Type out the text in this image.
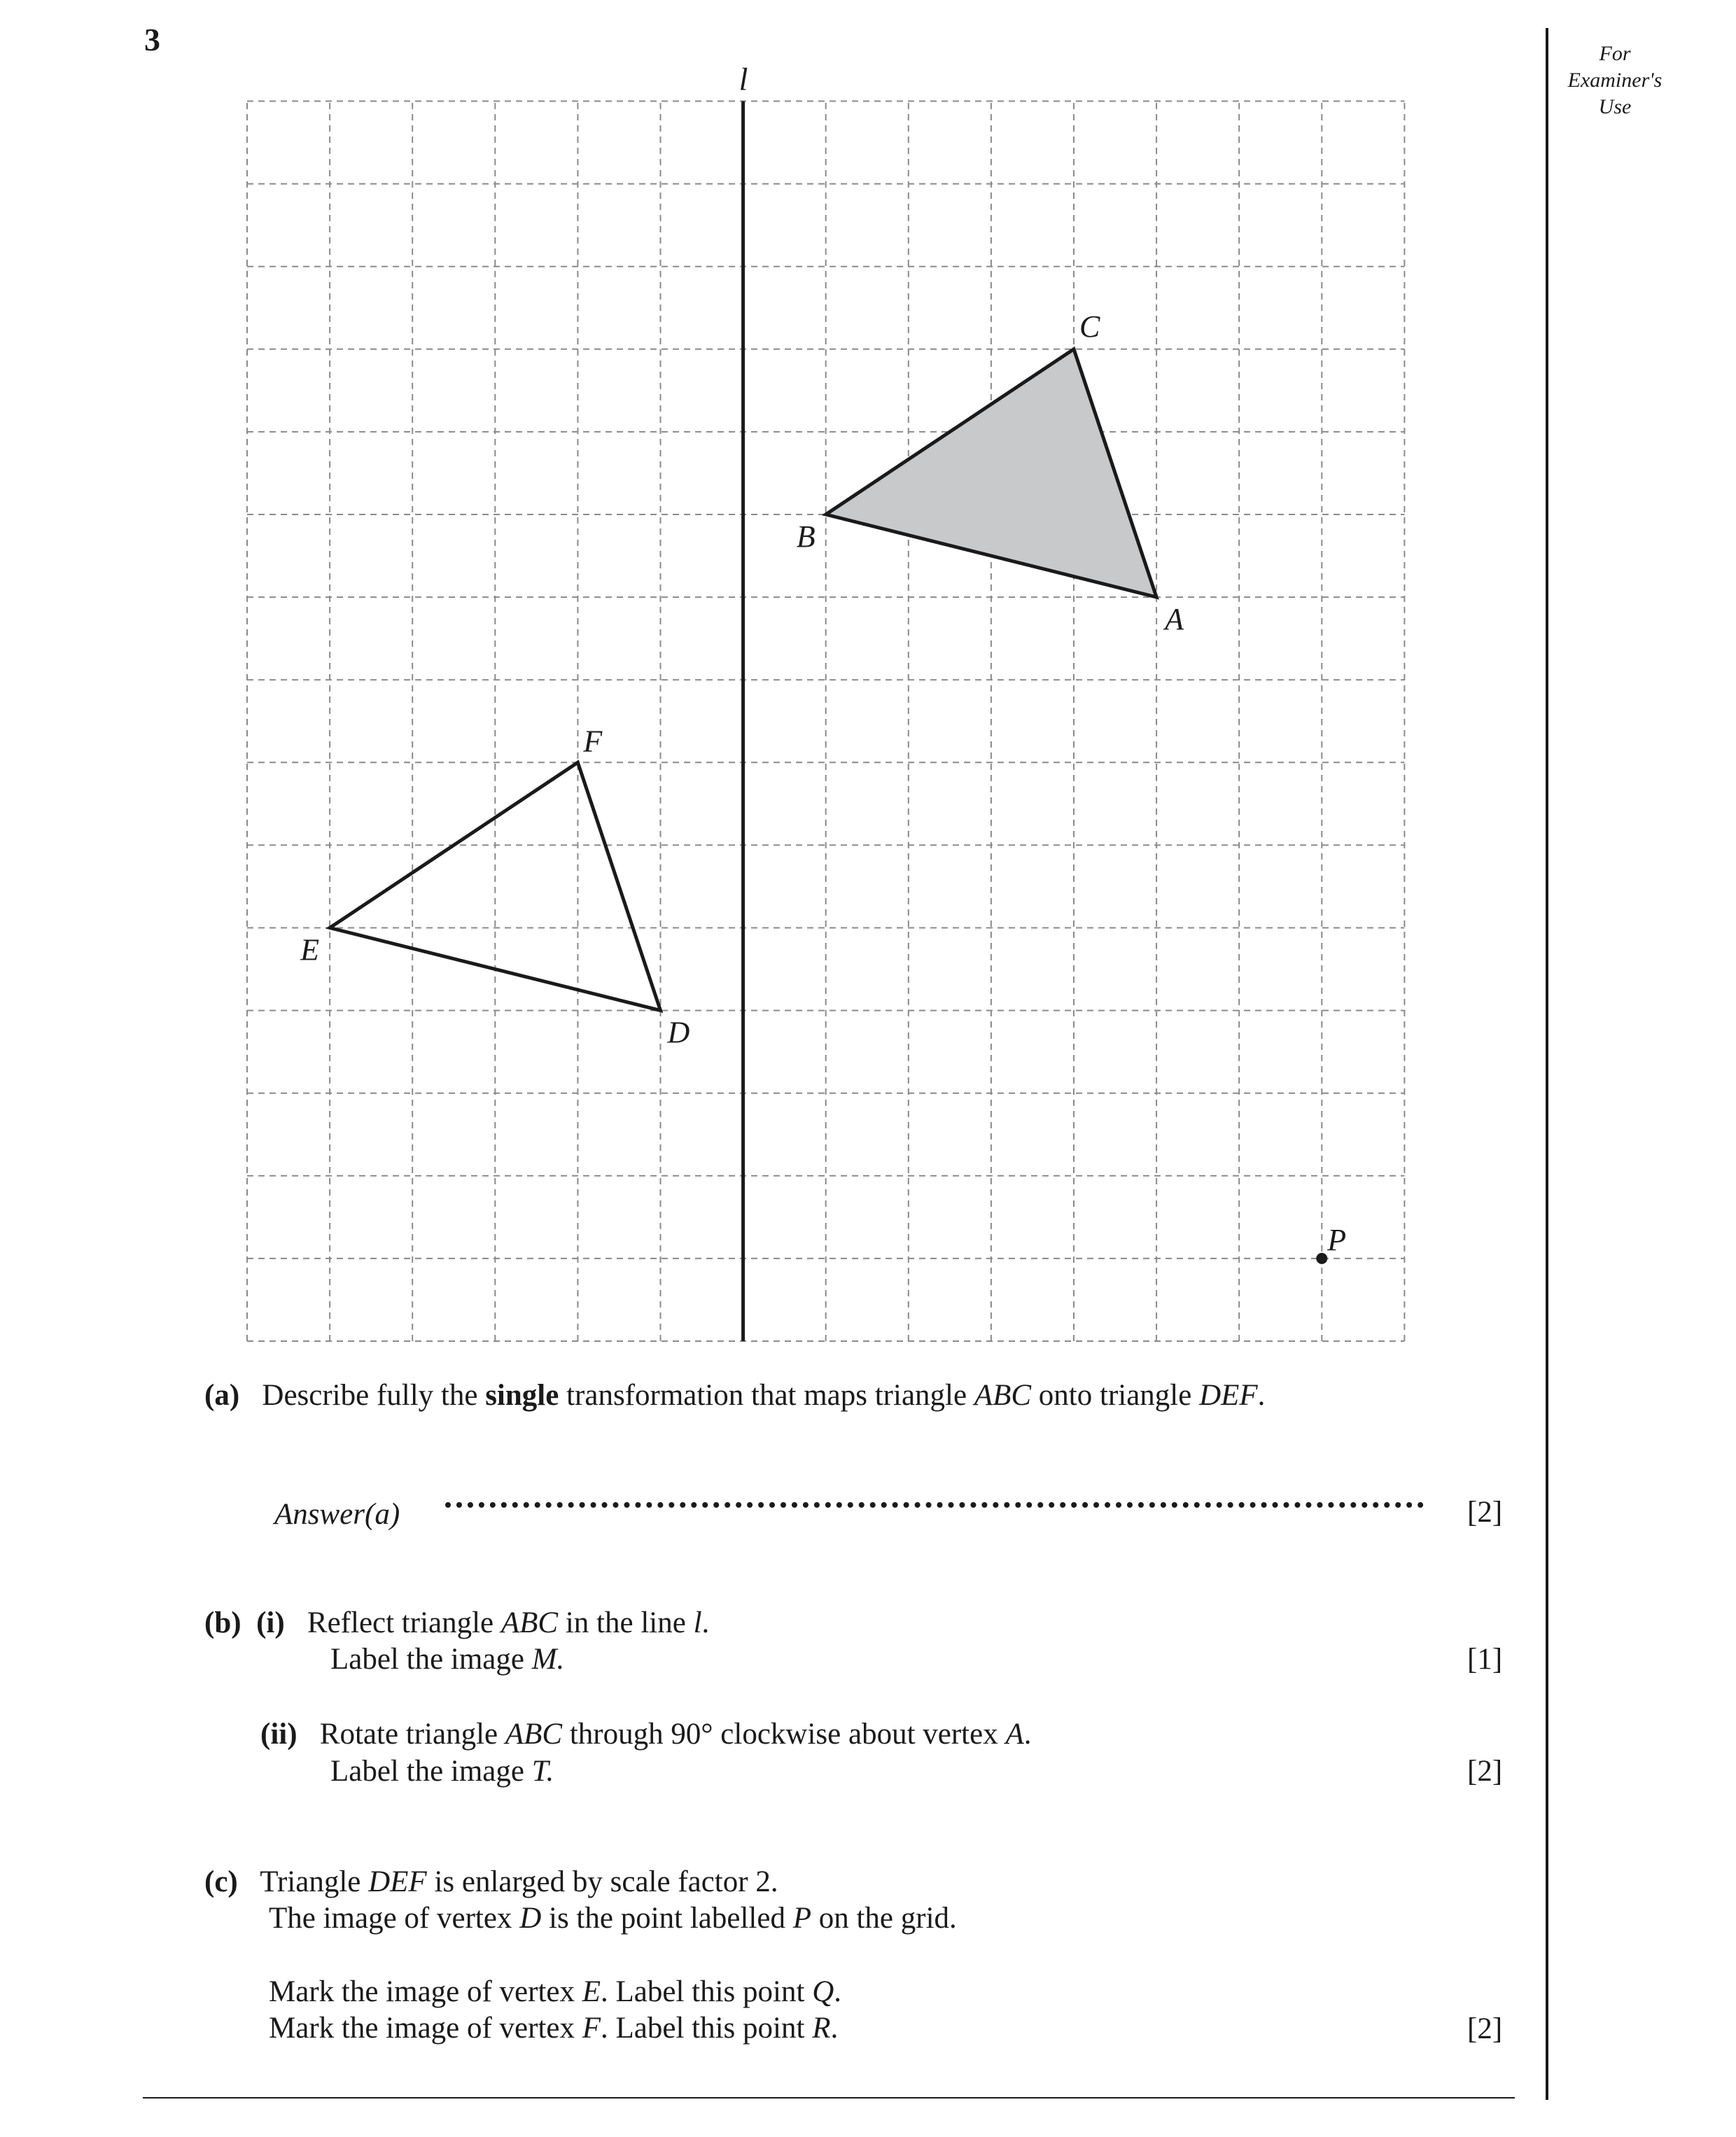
3	For
Examiner's
Use
l
A
B
C
D
E
F
P
(a) Describe fully the single transformation that maps triangle ABC onto triangle DEF.
Answer(a)	[2]
(b) (i) Reflect triangle ABC in the line l.
Label the image M.	[1]
(ii) Rotate triangle ABC through 90° clockwise about vertex A.
Label the image T.	[2]
(c) Triangle DEF is enlarged by scale factor 2.
The image of vertex D is the point labelled P on the grid.
Mark the image of vertex E. Label this point Q.
Mark the image of vertex F. Label this point R.	[2]
